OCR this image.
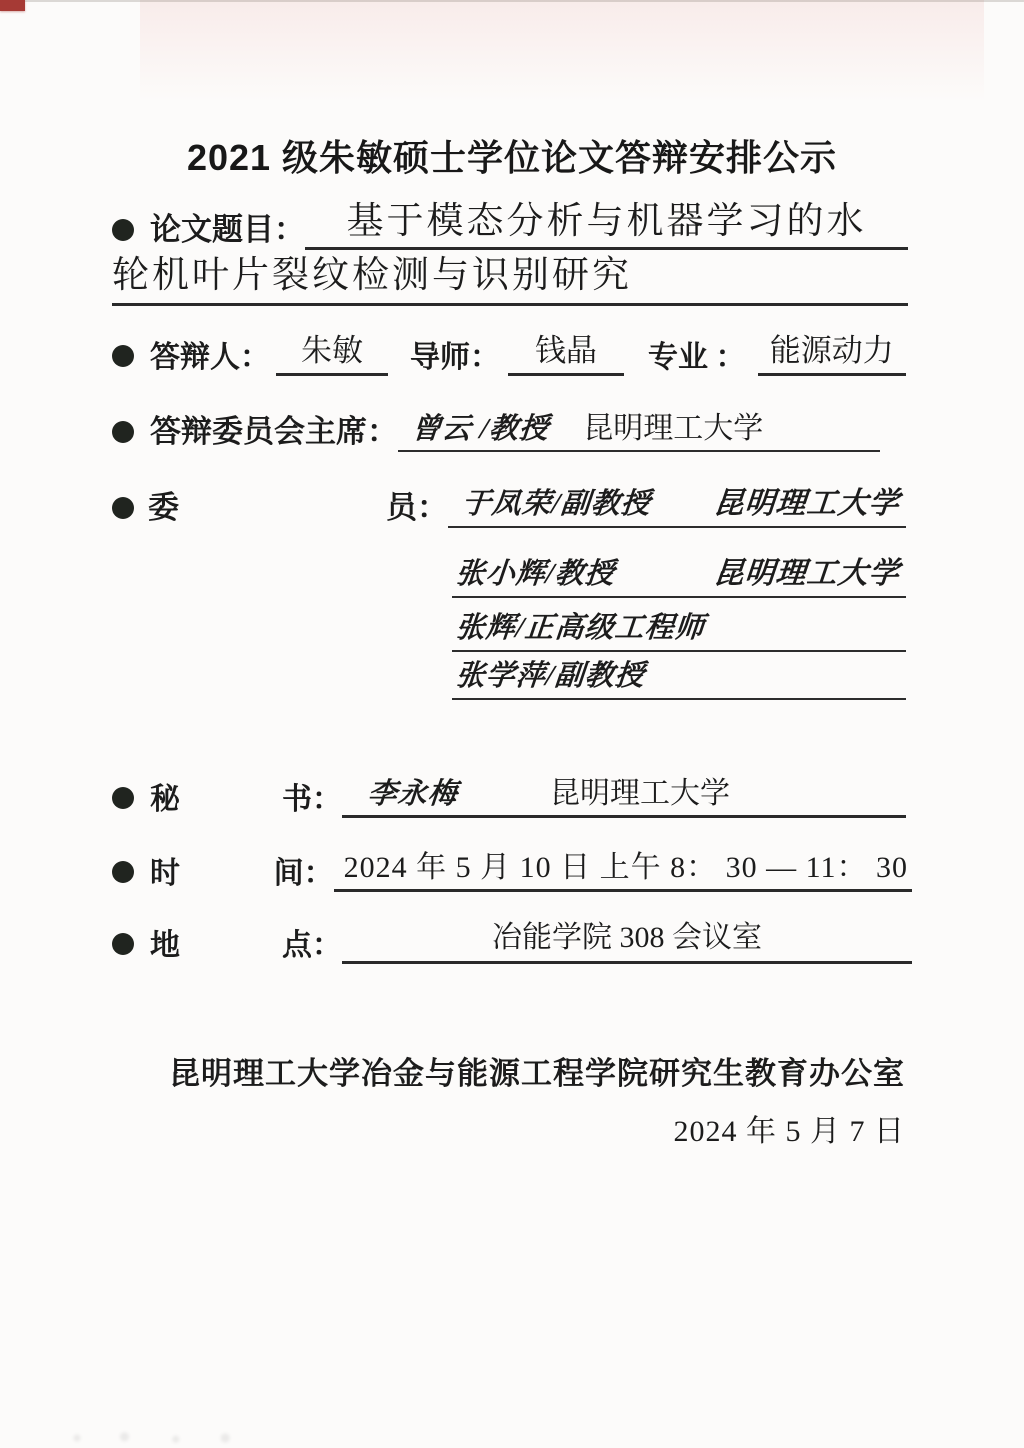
2021 级朱敏硕士学位论文答辩安排公示
论文题目：	基于模态分析与机器学习的水
轮机叶片裂纹检测与识别研究
答辩人：	朱敏	导师：	钱晶	专业 ： 能源动力
答辩委员会主席： 曾云 /教授 昆明理工大学
委	员： 于凤荣/副教授 昆明理工大学
张小辉/教授	昆明理工大学
张辉/正高级工程师
张学萍/副教授
秘	书： 李永梅	昆明理工大学
时	间： 2024 年 5 月 10 日 上午 8： 30 — 11： 30
地	点：	冶能学院 308 会议室
昆明理工大学冶金与能源工程学院研究生教育办公室
2024 年 5 月 7 日
